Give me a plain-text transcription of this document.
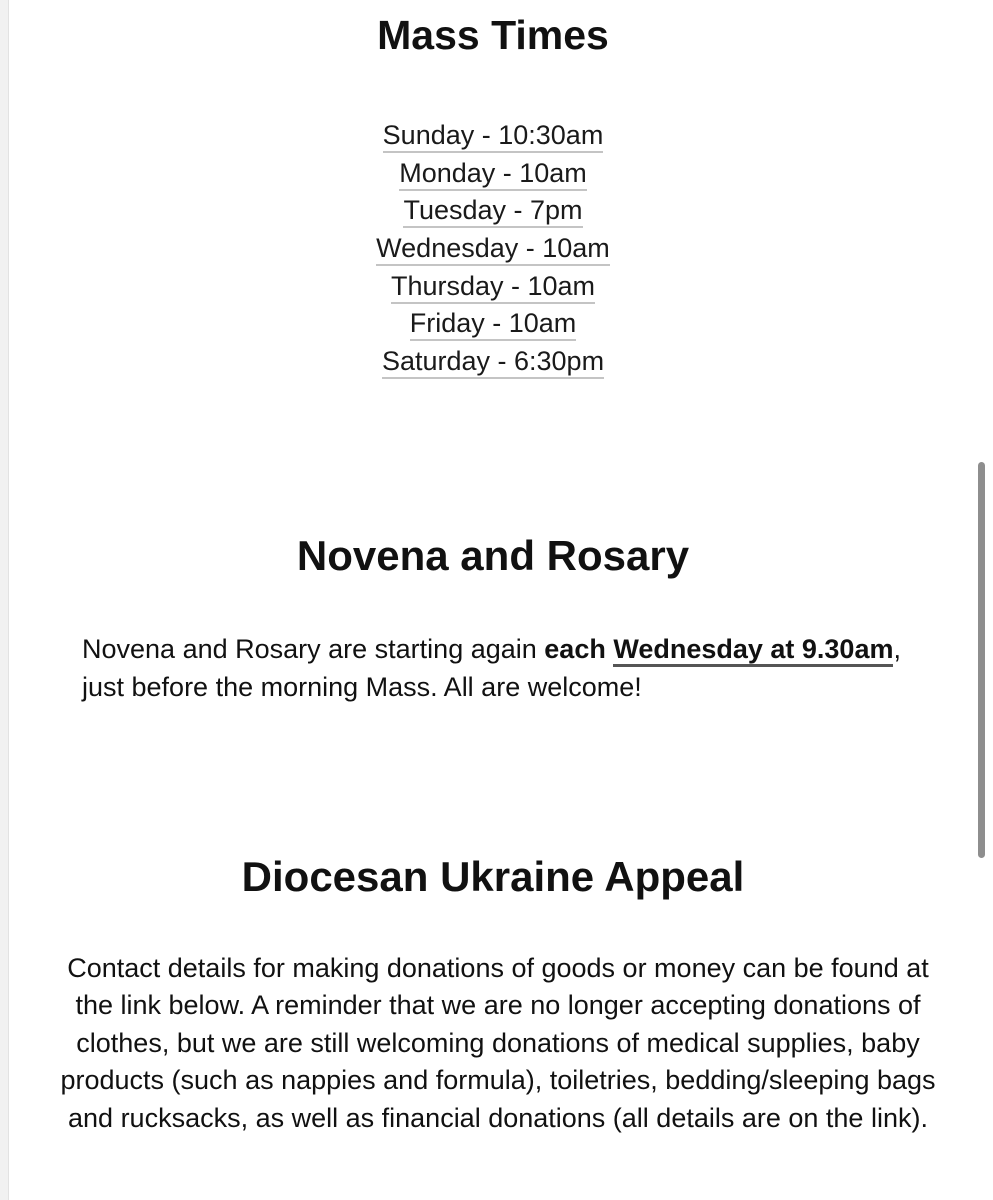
Mass Times
Sunday - 10:30am
Monday - 10am
Tuesday - 7pm
Wednesday - 10am
Thursday - 10am
Friday - 10am
Saturday - 6:30pm
Novena and Rosary

Novena and Rosary are starting again each Wednesday at 9.30am, just before the morning Mass. All are welcome!

Diocesan Ukraine Appeal

Contact details for making donations of goods or money can be found at the link below. A reminder that we are no longer accepting donations of clothes, but we are still welcoming donations of medical supplies, baby products (such as nappies and formula), toiletries, bedding/sleeping bags and rucksacks, as well as financial donations (all details are on the link).
